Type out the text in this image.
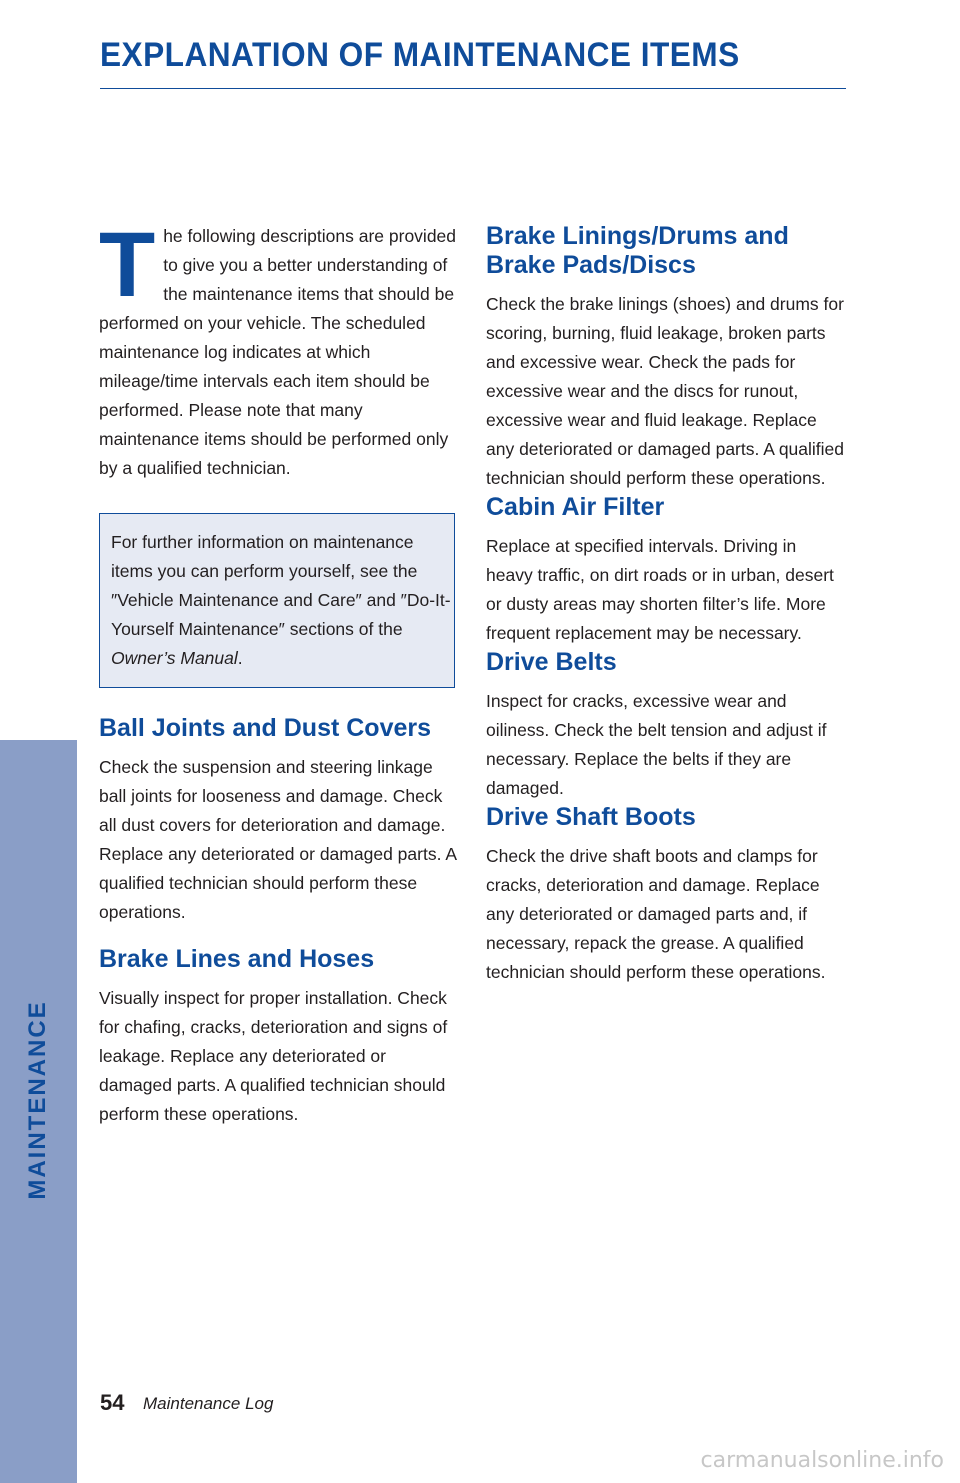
EXPLANATION OF MAINTENANCE ITEMS
MAINTENANCE

The following descriptions are provided to give you a better understanding of the maintenance items that should be performed on your vehicle. The scheduled maintenance log indicates at which mileage/time intervals each item should be performed. Please note that many maintenance items should be performed only by a qualified technician.

For further information on maintenance items you can perform yourself, see the ″Vehicle Maintenance and Care″ and ″Do-It-Yourself Maintenance″ sections of the Owner’s Manual.

Ball Joints and Dust Covers

Check the suspension and steering linkage ball joints for looseness and damage. Check all dust covers for deterioration and damage. Replace any deteriorated or damaged parts. A qualified technician should perform these operations.

Brake Lines and Hoses

Visually inspect for proper installation. Check for chafing, cracks, deterioration and signs of leakage. Replace any deteriorated or damaged parts. A qualified technician should perform these operations.

Brake Linings/Drums and Brake Pads/Discs

Check the brake linings (shoes) and drums for scoring, burning, fluid leakage, broken parts and excessive wear. Check the pads for excessive wear and the discs for runout, excessive wear and fluid leakage. Replace any deteriorated or damaged parts. A qualified technician should perform these operations.

Cabin Air Filter

Replace at specified intervals. Driving in heavy traffic, on dirt roads or in urban, desert or dusty areas may shorten filter’s life. More frequent replacement may be necessary.

Drive Belts

Inspect for cracks, excessive wear and oiliness. Check the belt tension and adjust if necessary. Replace the belts if they are damaged.

Drive Shaft Boots

Check the drive shaft boots and clamps for cracks, deterioration and damage. Replace any deteriorated or damaged parts and, if necessary, repack the grease. A qualified technician should perform these operations.

54 Maintenance Log
carmanualsonline.info
